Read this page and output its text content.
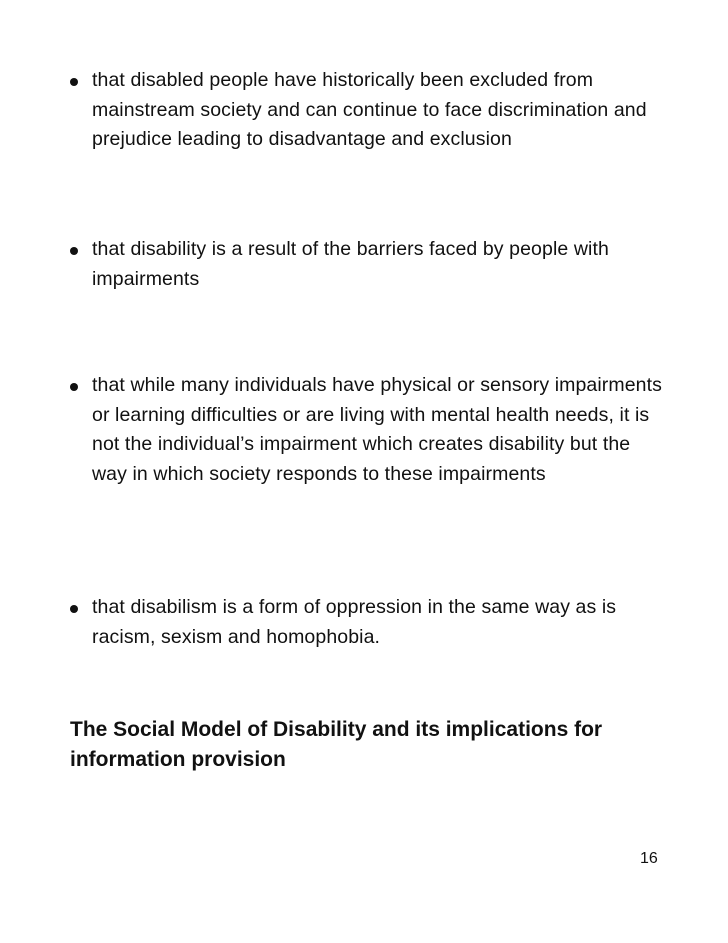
that disabled people have historically been excluded from mainstream society and can continue to face discrimination and prejudice leading to disadvantage and exclusion
that disability is a result of the barriers faced by people with impairments
that while many individuals have physical or sensory impairments or learning difficulties or are living with mental health needs, it is not the individual’s impairment which creates disability but the way in which society responds to these impairments
that disabilism is a form of oppression in the same way as is racism, sexism and homophobia.
The Social Model of Disability and its implications for information provision
16
